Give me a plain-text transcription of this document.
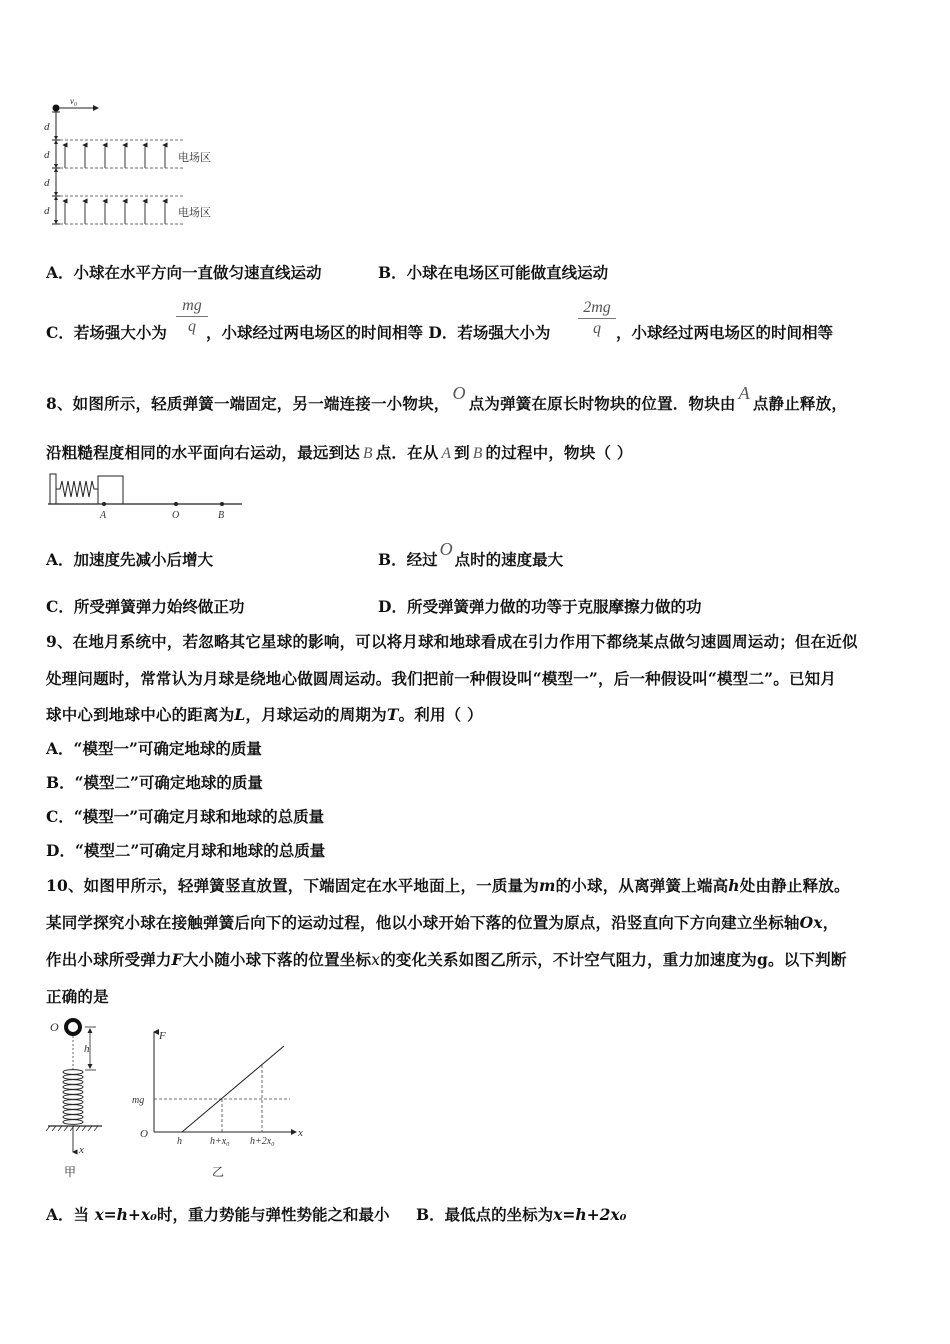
v₀
d
d
d
d
电场区
电场区
A．小球在水平方向一直做匀速直线运动	B．小球在电场区可能做直线运动
C．若场强大小为
mg
q ，小球经过两电场区的时间相等 D．若场强大小为
2mg
q ，小球经过两电场区的时间相等
8、如图所示，轻质弹簧一端固定，另一端连接一小物块，O点为弹簧在原长时物块的位置．物块由A点静止释放，
沿粗糙程度相同的水平面向右运动，最远到达 B 点．在从 A 到 B 的过程中，物块（ ）
A	O	B
A．加速度先减小后增大	B．经过O点时的速度最大
C．所受弹簧弹力始终做正功	D．所受弹簧弹力做的功等于克服摩擦力做的功
9、在地月系统中，若忽略其它星球的影响，可以将月球和地球看成在引力作用下都绕某点做匀速圆周运动；但在近似
处理问题时，常常认为月球是绕地心做圆周运动。我们把前一种假设叫“模型一”，后一种假设叫“模型二”。已知月
球中心到地球中心的距离为L，月球运动的周期为T。利用（ ）
A．“模型一”可确定地球的质量
B．“模型二”可确定地球的质量
C．“模型一”可确定月球和地球的总质量
D．“模型二”可确定月球和地球的总质量
10、如图甲所示，轻弹簧竖直放置，下端固定在水平地面上，一质量为m的小球，从离弹簧上端高h处由静止释放。
某同学探究小球在接触弹簧后向下的运动过程，他以小球开始下落的位置为原点，沿竖直向下方向建立坐标轴Ox，
作出小球所受弹力F大小随小球下落的位置坐标x的变化关系如图乙所示，不计空气阻力，重力加速度为g。以下判断
正确的是
O
h
x
甲
F
x
O
mg
h	h+x₀ h+2x₀
乙
A．当 x=h+x₀时，重力势能与弹性势能之和最小 B．最低点的坐标为x=h+2x₀
